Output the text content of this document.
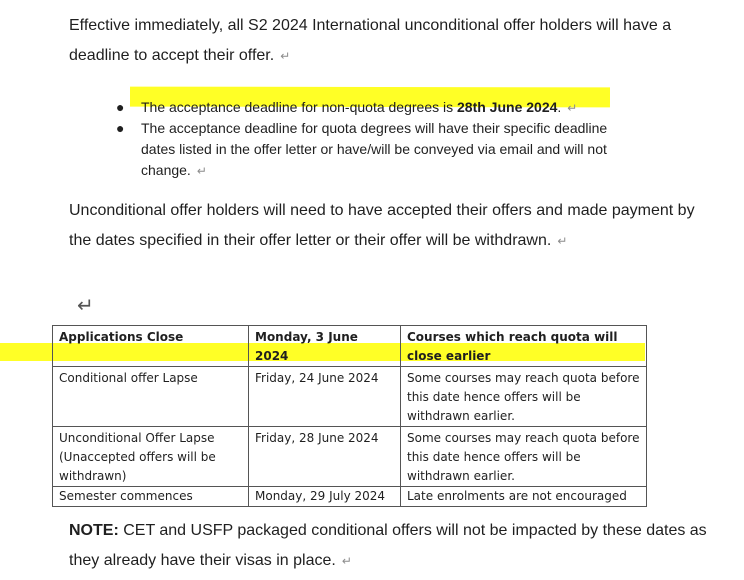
Effective immediately, all S2 2024 International unconditional offer holders will have a deadline to accept their offer. ↵
● The acceptance deadline for non-quota degrees is 28th June 2024. ↵
● The acceptance deadline for quota degrees will have their specific deadline dates listed in the offer letter or have/will be conveyed via email and will not change. ↵
Unconditional offer holders will need to have accepted their offers and made payment by the dates specified in their offer letter or their offer will be withdrawn. ↵
↵
Applications Close	Monday, 3 June 2024	Courses which reach quota will close earlier
Conditional offer Lapse	Friday, 24 June 2024	Some courses may reach quota before this date hence offers will be withdrawn earlier.
Unconditional Offer Lapse (Unaccepted offers will be withdrawn)	Friday, 28 June 2024	Some courses may reach quota before this date hence offers will be withdrawn earlier.
Semester commences	Monday, 29 July 2024	Late enrolments are not encouraged
NOTE: CET and USFP packaged conditional offers will not be impacted by these dates as they already have their visas in place. ↵
